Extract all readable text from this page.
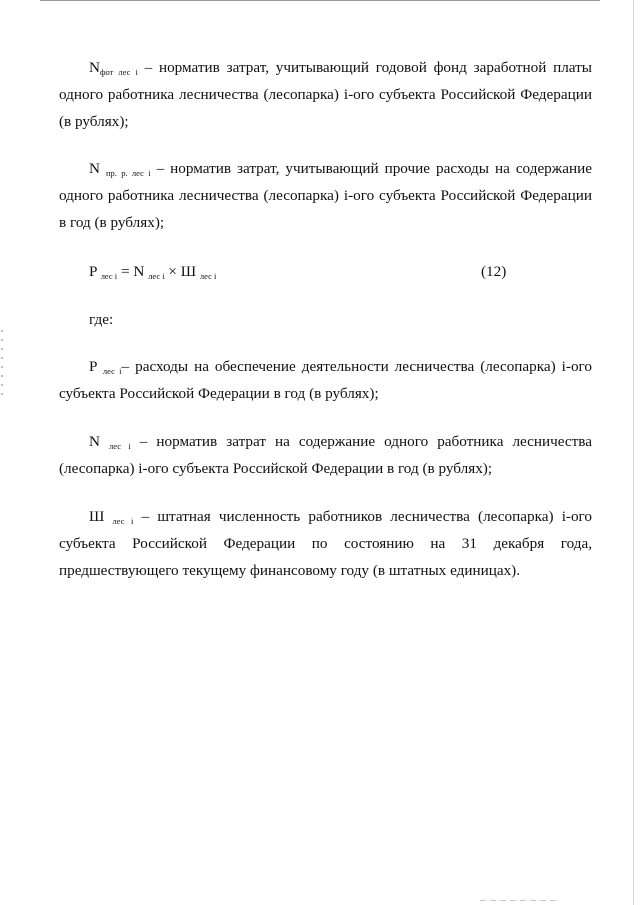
$N_{фот лес i}$ – норматив затрат, учитывающий годовой фонд заработной платы одного работника лесничества (лесопарка) i-ого субъекта Российской Федерации (в рублях);

N $_{пр. р. лес i}$ – норматив затрат, учитывающий прочие расходы на содержание одного работника лесничества (лесопарка) i-ого субъекта Российской Федерации в год (в рублях);

P $_{лес i}$ = N $_{лес i}$ × Ш $_{лес i}$	(12)

где:

P $_{лес i}$– расходы на обеспечение деятельности лесничества (лесопарка) i-ого субъекта Российской Федерации в год (в рублях);

N $_{лес i}$ – норматив затрат на содержание одного работника лесничества (лесопарка) i-ого субъекта Российской Федерации в год (в рублях);

Ш $_{лес i}$ – штатная численность работников лесничества (лесопарка) i-ого субъекта Российской Федерации по состоянию на 31 декабря года,

предшествующего текущему финансовому году (в штатных единицах).
